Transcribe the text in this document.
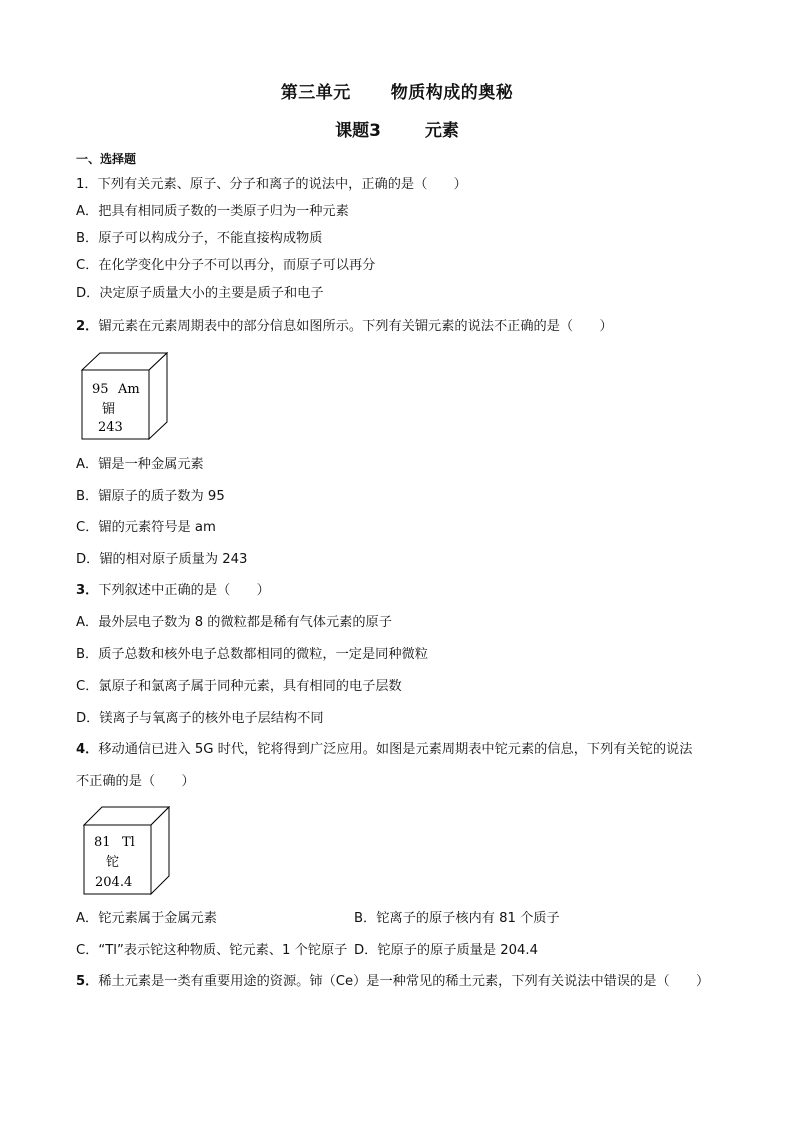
第三单元 物质构成的奥秘
课题3	元素
一、选择题
1．下列有关元素、原子、分子和离子的说法中，正确的是（　　）
A．把具有相同质子数的一类原子归为一种元素
B．原子可以构成分子，不能直接构成物质
C．在化学变化中分子不可以再分，而原子可以再分
D．决定原子质量大小的主要是质子和电子
2．镅元素在元素周期表中的部分信息如图所示。下列有关镅元素的说法不正确的是（　　）
95 Am
镅
243
A．镅是一种金属元素
B．镅原子的质子数为 95
C．镅的元素符号是 am
D．镅的相对原子质量为 243
3．下列叙述中正确的是（　　）
A．最外层电子数为 8 的微粒都是稀有气体元素的原子
B．质子总数和核外电子总数都相同的微粒，一定是同种微粒
C．氯原子和氯离子属于同种元素，具有相同的电子层数
D．镁离子与氧离子的核外电子层结构不同
4．移动通信已进入 5G 时代，铊将得到广泛应用。如图是元素周期表中铊元素的信息，下列有关铊的说法
不正确的是（　　）
81 Tl
铊
204.4
A．铊元素属于金属元素	B．铊离子的原子核内有 81 个质子
C．“Tl”表示铊这种物质、铊元素、1 个铊原子 D．铊原子的原子质量是 204.4
5．稀土元素是一类有重要用途的资源。铈（Ce）是一种常见的稀土元素，下列有关说法中错误的是（　　）
